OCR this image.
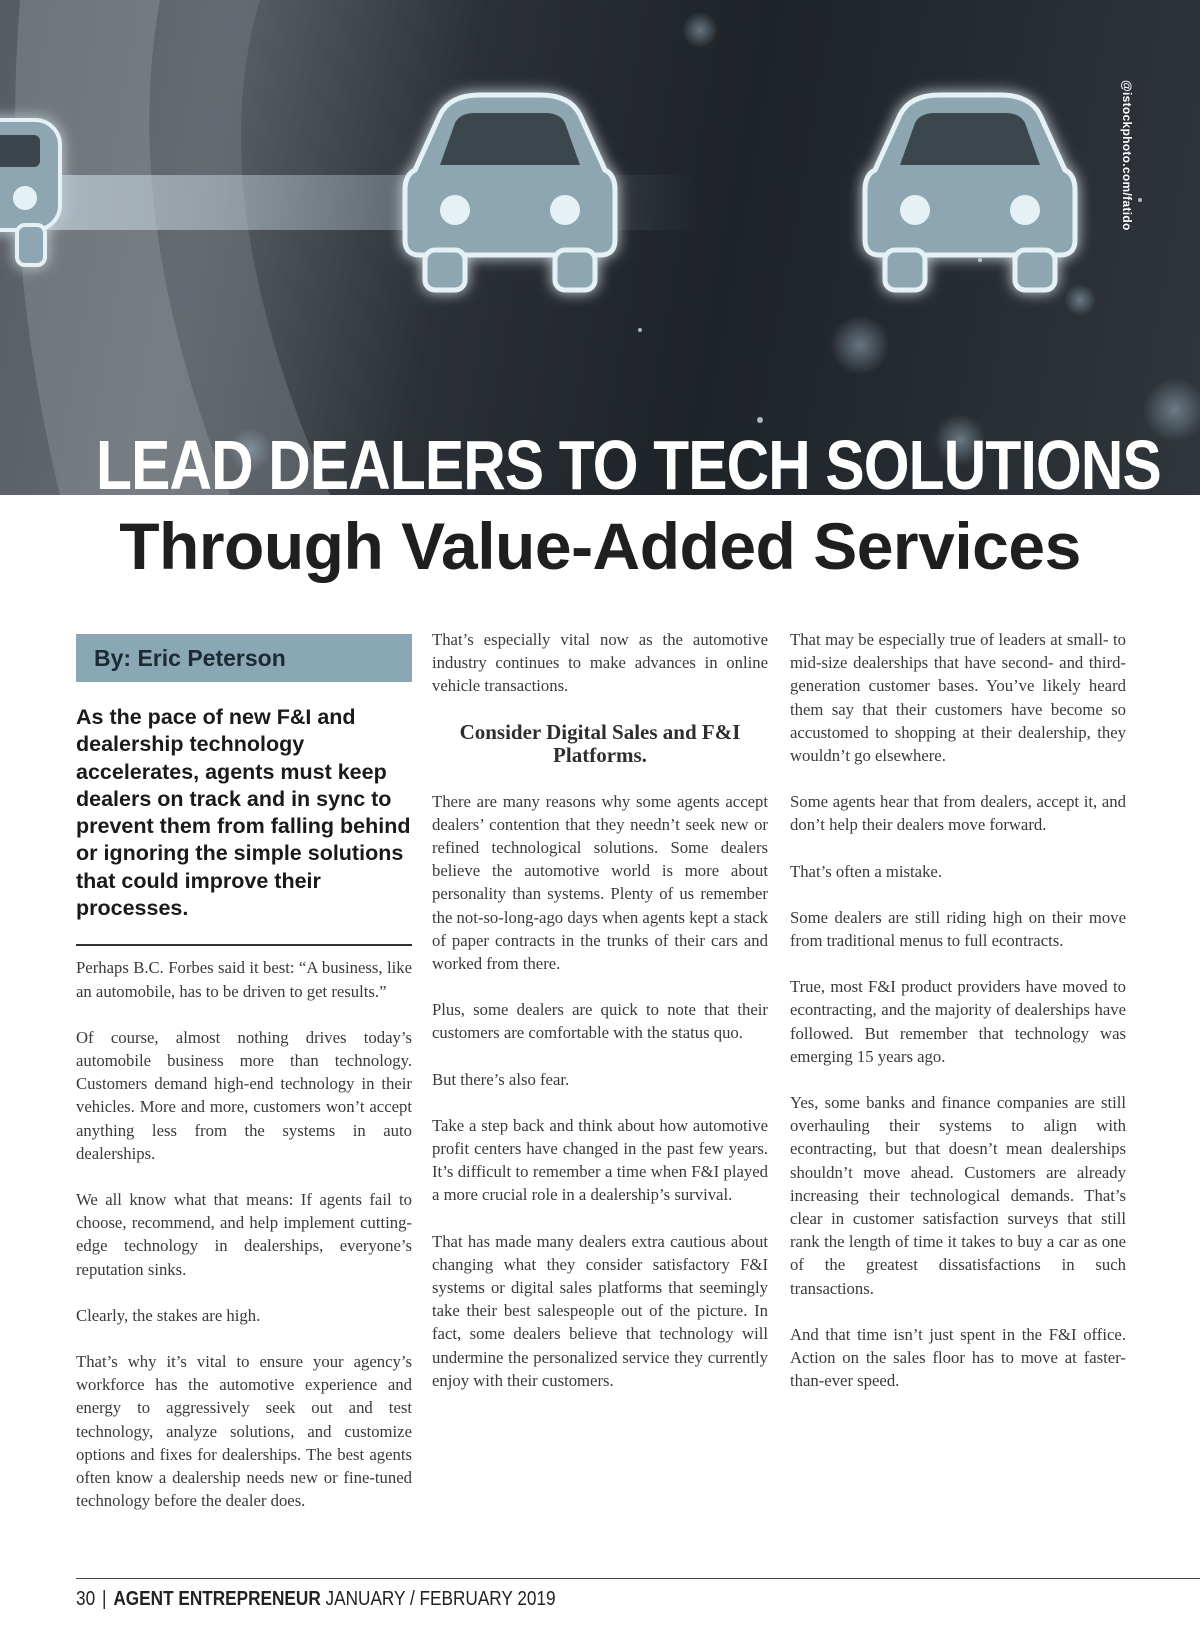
@istockphoto.com/fatido
LEAD DEALERS TO TECH SOLUTIONS
Through Value-Added Services
By: Eric Peterson
As the pace of new F&I and dealership technology accelerates, agents must keep dealers on track and in sync to prevent them from falling behind or ignoring the simple solutions that could improve their processes.

Perhaps B.C. Forbes said it best: “A business, like an automobile, has to be driven to get results.”

Of course, almost nothing drives today’s automobile business more than technology. Customers demand high-end technology in their vehicles. More and more, customers won’t accept anything less from the systems in auto dealerships.

We all know what that means: If agents fail to choose, recommend, and help implement cutting-edge technology in dealerships, everyone’s reputation sinks.

Clearly, the stakes are high.

That’s why it’s vital to ensure your agency’s workforce has the automotive experience and energy to aggressively seek out and test technology, analyze solutions, and customize options and fixes for dealerships. The best agents often know a dealership needs new or fine-tuned technology before the dealer does.

That’s especially vital now as the automotive industry continues to make advances in online vehicle transactions.

Consider Digital Sales and F&I Platforms.

There are many reasons why some agents accept dealers’ contention that they needn’t seek new or refined technological solutions. Some dealers believe the automotive world is more about personality than systems. Plenty of us remember the not-so-long-ago days when agents kept a stack of paper contracts in the trunks of their cars and worked from there.

Plus, some dealers are quick to note that their customers are comfortable with the status quo.

But there’s also fear.

Take a step back and think about how automotive profit centers have changed in the past few years. It’s difficult to remember a time when F&I played a more crucial role in a dealership’s survival.

That has made many dealers extra cautious about changing what they consider satisfactory F&I systems or digital sales platforms that seemingly take their best salespeople out of the picture. In fact, some dealers believe that technology will undermine the personalized service they currently enjoy with their customers.

That may be especially true of leaders at small- to mid-size dealerships that have second- and third-generation customer bases. You’ve likely heard them say that their customers have become so accustomed to shopping at their dealership, they wouldn’t go elsewhere.

Some agents hear that from dealers, accept it, and don’t help their dealers move forward.

That’s often a mistake.

Some dealers are still riding high on their move from traditional menus to full econtracts.

True, most F&I product providers have moved to econtracting, and the majority of dealerships have followed. But remember that technology was emerging 15 years ago.

Yes, some banks and finance companies are still overhauling their systems to align with econtracting, but that doesn’t mean dealerships shouldn’t move ahead. Customers are already increasing their technological demands. That’s clear in customer satisfaction surveys that still rank the length of time it takes to buy a car as one of the greatest dissatisfactions in such transactions.

And that time isn’t just spent in the F&I office. Action on the sales floor has to move at faster-than-ever speed.

30 | AGENT ENTREPRENEUR JANUARY / FEBRUARY 2019
